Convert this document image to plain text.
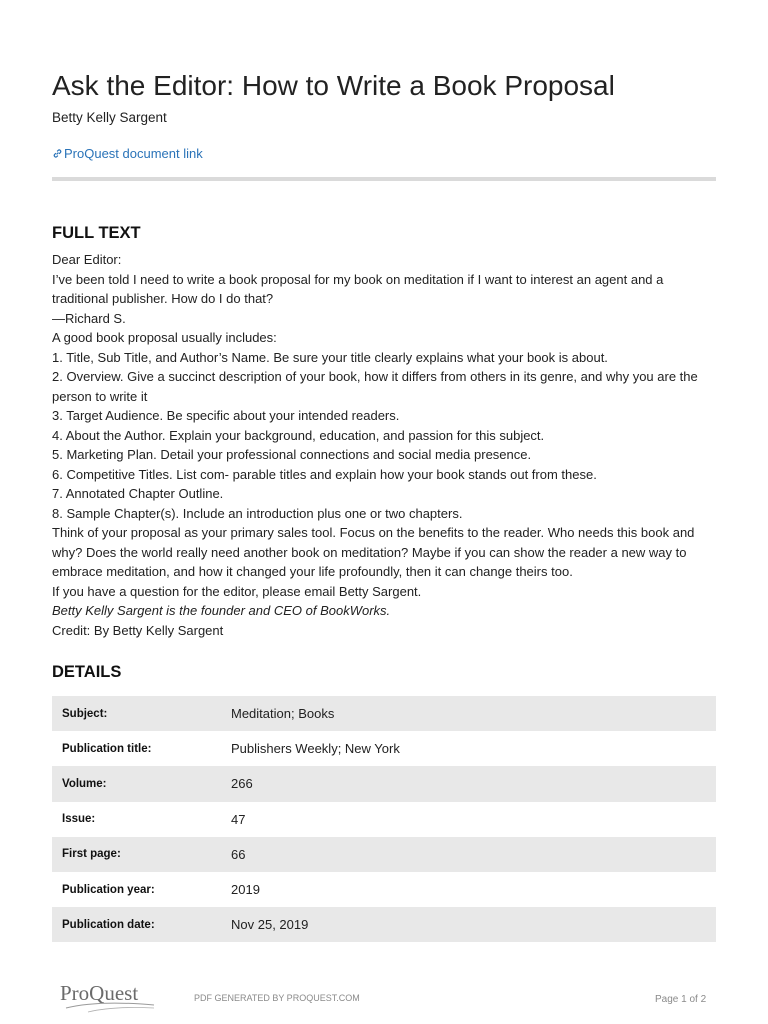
Ask the Editor: How to Write a Book Proposal
Betty Kelly Sargent
ProQuest document link
FULL TEXT

Dear Editor:

I’ve been told I need to write a book proposal for my book on meditation if I want to interest an agent and a traditional publisher. How do I do that?

—Richard S.

A good book proposal usually includes:

1. Title, Sub Title, and Author’s Name. Be sure your title clearly explains what your book is about.

2. Overview. Give a succinct description of your book, how it differs from others in its genre, and why you are the person to write it

3. Target Audience. Be specific about your intended readers.

4. About the Author. Explain your background, education, and passion for this subject.

5. Marketing Plan. Detail your professional connections and social media presence.

6. Competitive Titles. List com- parable titles and explain how your book stands out from these.

7. Annotated Chapter Outline.

8. Sample Chapter(s). Include an introduction plus one or two chapters.

Think of your proposal as your primary sales tool. Focus on the benefits to the reader. Who needs this book and why? Does the world really need another book on meditation? Maybe if you can show the reader a new way to embrace meditation, and how it changed your life profoundly, then it can change theirs too.

If you have a question for the editor, please email Betty Sargent.

Betty Kelly Sargent is the founder and CEO of BookWorks.

Credit: By Betty Kelly Sargent

DETAILS
Subject:	Meditation; Books
Publication title:	Publishers Weekly; New York
Volume:	266
Issue:	47
First page:	66
Publication year:	2019
Publication date:	Nov 25, 2019
ProQuest	PDF GENERATED BY PROQUEST.COM	Page 1 of 2
